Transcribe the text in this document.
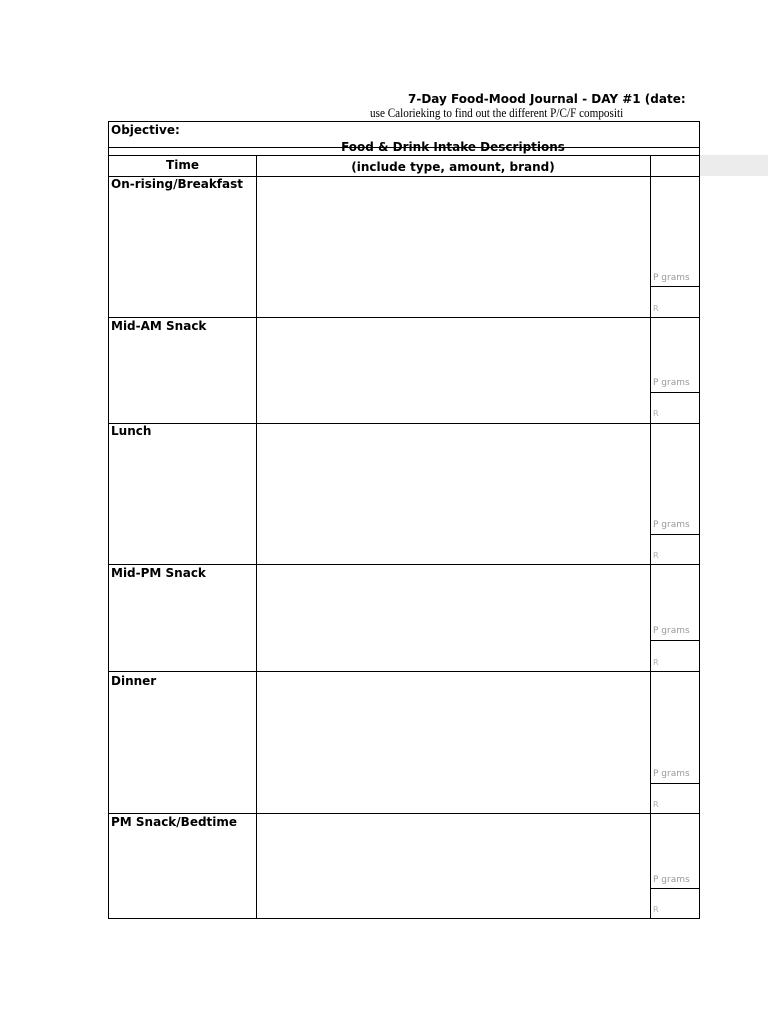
7-Day Food-Mood Journal - DAY #1 (date:
use Calorieking to find out the different P/C/F compositi
Objective:
Food & Drink Intake Descriptions
Time	(include type, amount, brand)
On-rising/Breakfast
P grams
R
Mid-AM Snack
P grams
R
Lunch
P grams
R
Mid-PM Snack
P grams
R
Dinner
P grams
R
PM Snack/Bedtime
P grams
R
